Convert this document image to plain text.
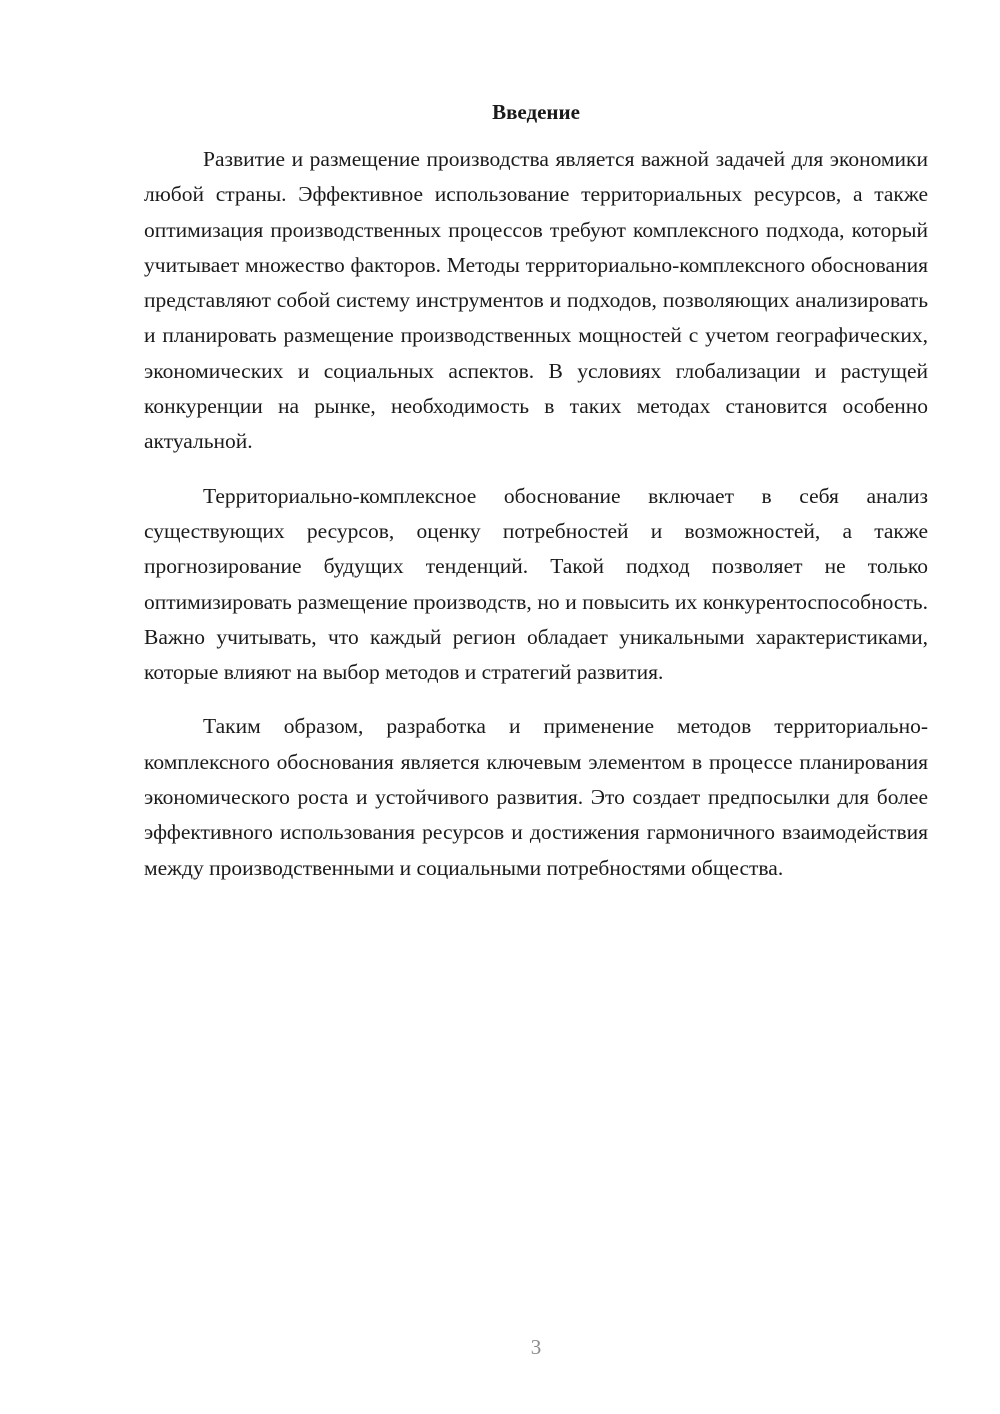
Введение

Развитие и размещение производства является важной задачей для экономики любой страны. Эффективное использование территориальных ресурсов, а также оптимизация производственных процессов требуют комплексного подхода, который учитывает множество факторов. Методы территориально-комплексного обоснования представляют собой систему инструментов и подходов, позволяющих анализировать и планировать размещение производственных мощностей с учетом географических, экономических и социальных аспектов. В условиях глобализации и растущей конкуренции на рынке, необходимость в таких методах становится особенно актуальной.

Территориально-комплексное обоснование включает в себя анализ существующих ресурсов, оценку потребностей и возможностей, а также прогнозирование будущих тенденций. Такой подход позволяет не только оптимизировать размещение производств, но и повысить их конкурентоспособность. Важно учитывать, что каждый регион обладает уникальными характеристиками, которые влияют на выбор методов и стратегий развития.

Таким образом, разработка и применение методов территориально-комплексного обоснования является ключевым элементом в процессе планирования экономического роста и устойчивого развития. Это создает предпосылки для более эффективного использования ресурсов и достижения гармоничного взаимодействия между производственными и социальными потребностями общества.

3
